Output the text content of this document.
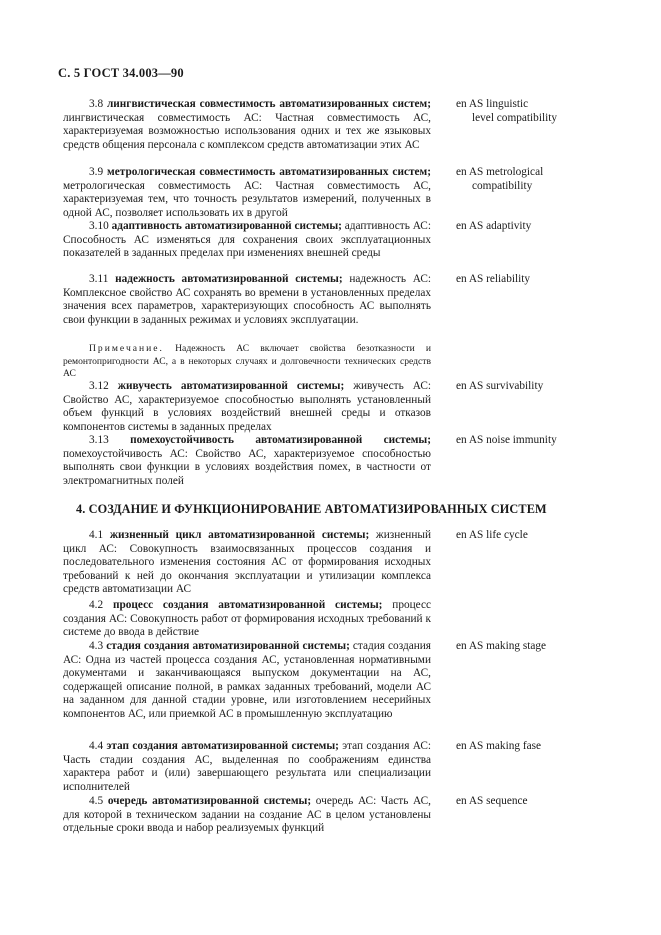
С. 5 ГОСТ 34.003—90
3.8 лингвистическая совместимость автоматизированных систем; лингвистическая совместимость АС: Частная совместимость АС, характеризуемая возможностью использования одних и тех же языковых средств общения персонала с комплексом средств автоматизации этих АС
en AS linguistic
level compatibility
3.9 метрологическая совместимость автоматизированных систем; метрологическая совместимость АС: Частная совместимость АС, характеризуемая тем, что точность результатов измерений, полученных в одной АС, позволяет использовать их в другой
en AS metrological
compatibility
3.10 адаптивность автоматизированной системы; адаптивность АС: Способность АС изменяться для сохранения своих эксплуатационных показателей в заданных пределах при изменениях внешней среды
en AS adaptivity
3.11 надежность автоматизированной системы; надежность АС: Комплексное свойство АС сохранять во времени в установленных пределах значения всех параметров, характеризующих способность АС выполнять свои функции в заданных режимах и условиях эксплуатации.
en AS reliability
Примечание. Надежность АС включает свойства безотказности и ремонтопригодности АС, а в некоторых случаях и долговечности технических средств АС
3.12 живучесть автоматизированной системы; живучесть АС: Свойство АС, характеризуемое способностью выполнять установленный объем функций в условиях воздействий внешней среды и отказов компонентов системы в заданных пределах
en AS survivability
3.13 помехоустойчивость автоматизированной системы; помехоустойчивость АС: Свойство АС, характеризуемое способностью выполнять свои функции в условиях воздействия помех, в частности от электромагнитных полей
en AS noise immunity
4. СОЗДАНИЕ И ФУНКЦИОНИРОВАНИЕ АВТОМАТИЗИРОВАННЫХ СИСТЕМ
4.1 жизненный цикл автоматизированной системы; жизненный цикл АС: Совокупность взаимосвязанных процессов создания и последовательного изменения состояния АС от формирования исходных требований к ней до окончания эксплуатации и утилизации комплекса средств автоматизации АС
en AS life cycle
4.2 процесс создания автоматизированной системы; процесс создания АС: Совокупность работ от формирования исходных требований к системе до ввода в действие
4.3 стадия создания автоматизированной системы; стадия создания АС: Одна из частей процесса создания АС, установленная нормативными документами и заканчивающаяся выпуском документации на АС, содержащей описание полной, в рамках заданных требований, модели АС на заданном для данной стадии уровне, или изготовлением несерийных компонентов АС, или приемкой АС в промышленную эксплуатацию
en AS making stage
4.4 этап создания автоматизированной системы; этап создания АС: Часть стадии создания АС, выделенная по соображениям единства характера работ и (или) завершающего результата или специализации исполнителей
en AS making fase
4.5 очередь автоматизированной системы; очередь АС: Часть АС, для которой в техническом задании на создание АС в целом установлены отдельные сроки ввода и набор реализуемых функций
en AS sequence
